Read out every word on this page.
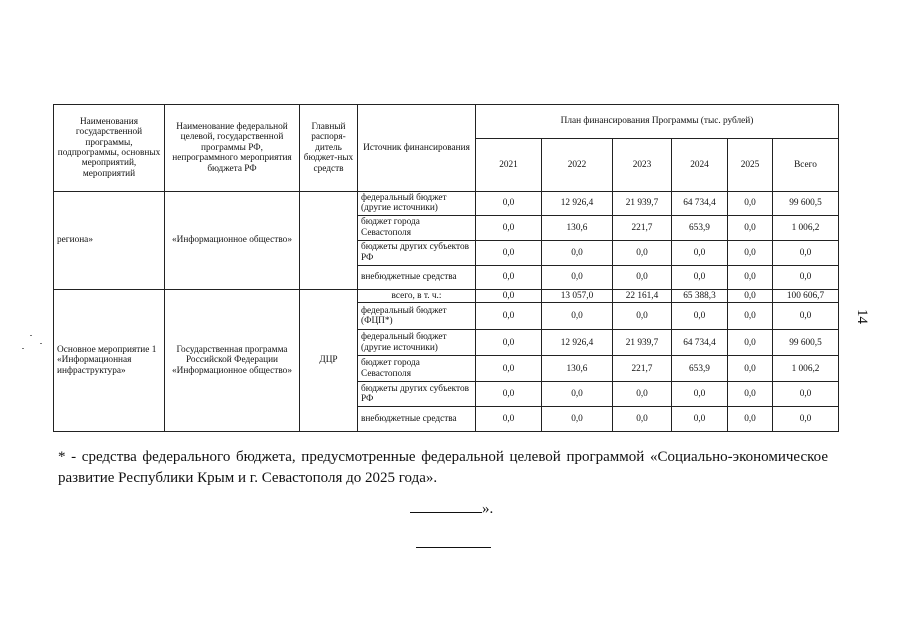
14
Наименования государственной программы, подпрограммы, основных мероприятий, мероприятий	Наименование федеральной целевой, государственной программы РФ, непрограммного мероприятия бюджета РФ	Главный распоря-дитель бюджет-ных средств	Источник финансирования	План финансирования Программы (тыс. рублей)					
				2021	2022	2023	2024	2025	Всего
региона»	«Информационное общество»		федеральный бюджет (другие источники)	0,0	12 926,4	21 939,7	64 734,4	0,0	99 600,5
			бюджет города Севастополя	0,0	130,6	221,7	653,9	0,0	1 006,2
			бюджеты других субъектов РФ	0,0	0,0	0,0	0,0	0,0	0,0
			внебюджетные средства	0,0	0,0	0,0	0,0	0,0	0,0
Основное мероприятие 1 «Информационная инфраструктура»	Государственная программа Российской Федерации «Информационное общество»	ДЦР	всего, в т. ч.:	0,0	13 057,0	22 161,4	65 388,3	0,0	100 606,7
			федеральный бюджет (ФЦП*)	0,0	0,0	0,0	0,0	0,0	0,0
			федеральный бюджет (другие источники)	0,0	12 926,4	21 939,7	64 734,4	0,0	99 600,5
			бюджет города Севастополя	0,0	130,6	221,7	653,9	0,0	1 006,2
			бюджеты других субъектов РФ	0,0	0,0	0,0	0,0	0,0	0,0
			внебюджетные средства	0,0	0,0	0,0	0,0	0,0	0,0
* - средства федерального бюджета, предусмотренные федеральной целевой программой «Социально-экономическое развитие Республики Крым и г. Севастополя до 2025 года».
».
